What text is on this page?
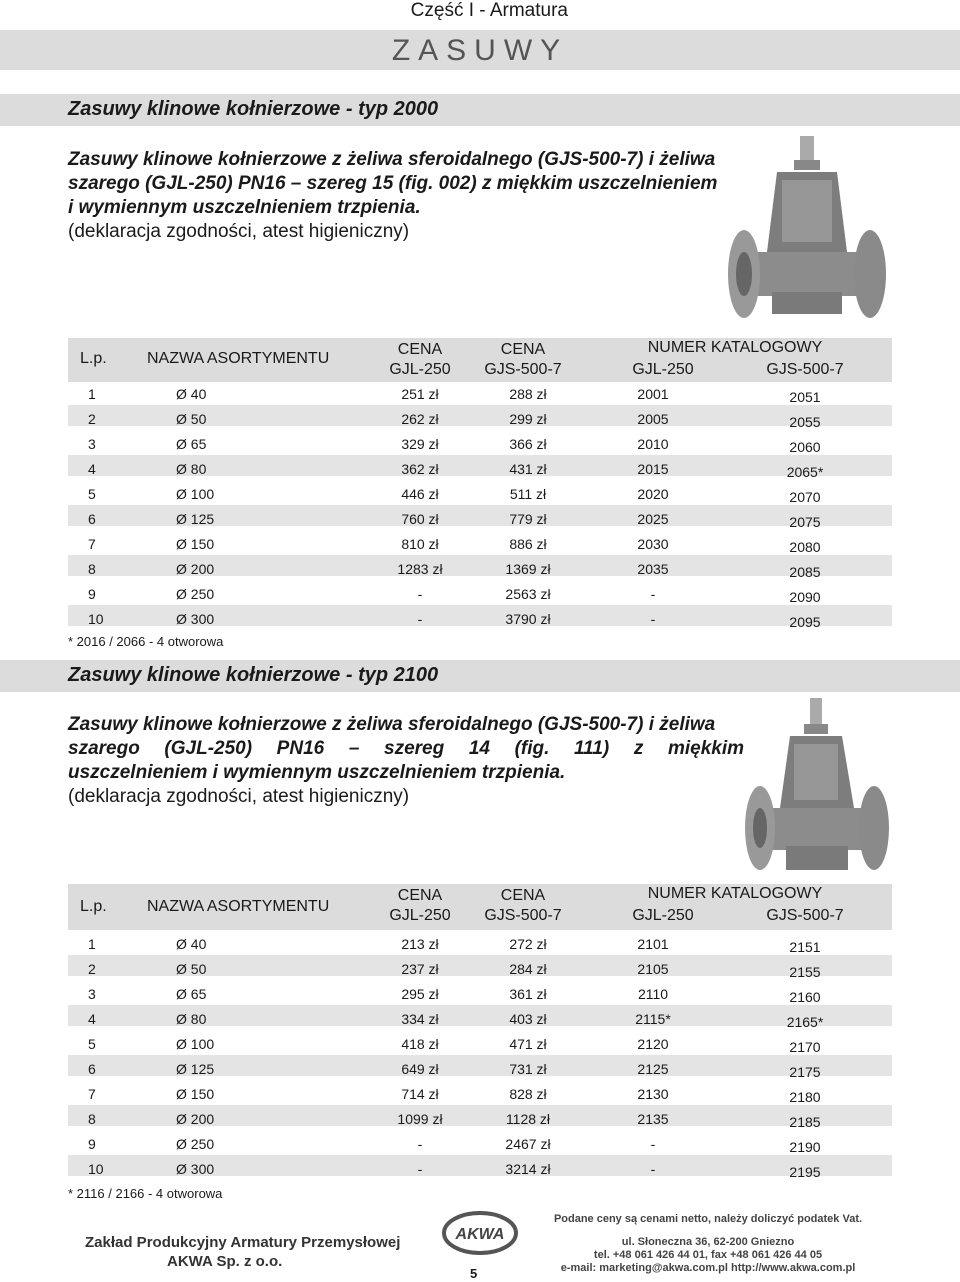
Część I - Armatura
ZASUWY
Zasuwy klinowe kołnierzowe - typ 2000
Zasuwy klinowe kołnierzowe z żeliwa sferoidalnego (GJS-500-7) i żeliwa
szarego (GJL-250) PN16 – szereg 15 (fig. 002) z miękkim uszczelnieniem
i wymiennym uszczelnieniem trzpienia.
(deklaracja zgodności, atest higieniczny)
L.p.	NAZWA ASORTYMENTU
CENA
GJL-250
CENA
GJS-500-7
NUMER KATALOGOWY
GJL-250	GJS-500-7
1	Ø 40	251 zł	288 zł	2001	2051
2	Ø 50	262 zł	299 zł	2005	2055
3	Ø 65	329 zł	366 zł	2010	2060
4	Ø 80	362 zł	431 zł	2015	2065*
5	Ø 100	446 zł	511 zł	2020	2070
6	Ø 125	760 zł	779 zł	2025	2075
7	Ø 150	810 zł	886 zł	2030	2080
8	Ø 200	1283 zł	1369 zł	2035	2085
9	Ø 250	-	2563 zł	-	2090
10	Ø 300	-	3790 zł	-	2095
* 2016 / 2066 - 4 otworowa
Zasuwy klinowe kołnierzowe - typ 2100
Zasuwy klinowe kołnierzowe z żeliwa sferoidalnego (GJS-500-7) i żeliwa
szarego (GJL-250) PN16 – szereg 14 (fig. 111) z miękkim
uszczelnieniem i wymiennym uszczelnieniem trzpienia.
(deklaracja zgodności, atest higieniczny)
L.p.	NAZWA ASORTYMENTU
CENA
GJL-250
CENA
GJS-500-7
NUMER KATALOGOWY
GJL-250	GJS-500-7
1	Ø 40	213 zł	272 zł	2101	2151
2	Ø 50	237 zł	284 zł	2105	2155
3	Ø 65	295 zł	361 zł	2110	2160
4	Ø 80	334 zł	403 zł	2115*	2165*
5	Ø 100	418 zł	471 zł	2120	2170
6	Ø 125	649 zł	731 zł	2125	2175
7	Ø 150	714 zł	828 zł	2130	2180
8	Ø 200	1099 zł	1128 zł	2135	2185
9	Ø 250	-	2467 zł	-	2190
10	Ø 300	-	3214 zł	-	2195
* 2116 / 2166 - 4 otworowa
Zakład Produkcyjny Armatury Przemysłowej
AKWA Sp. z o.o.
AKWA
5
Podane ceny są cenami netto, należy doliczyć podatek Vat.
ul. Słoneczna 36, 62-200 Gniezno
tel. +48 061 426 44 01, fax +48 061 426 44 05
e-mail: marketing@akwa.com.pl http://www.akwa.com.pl
